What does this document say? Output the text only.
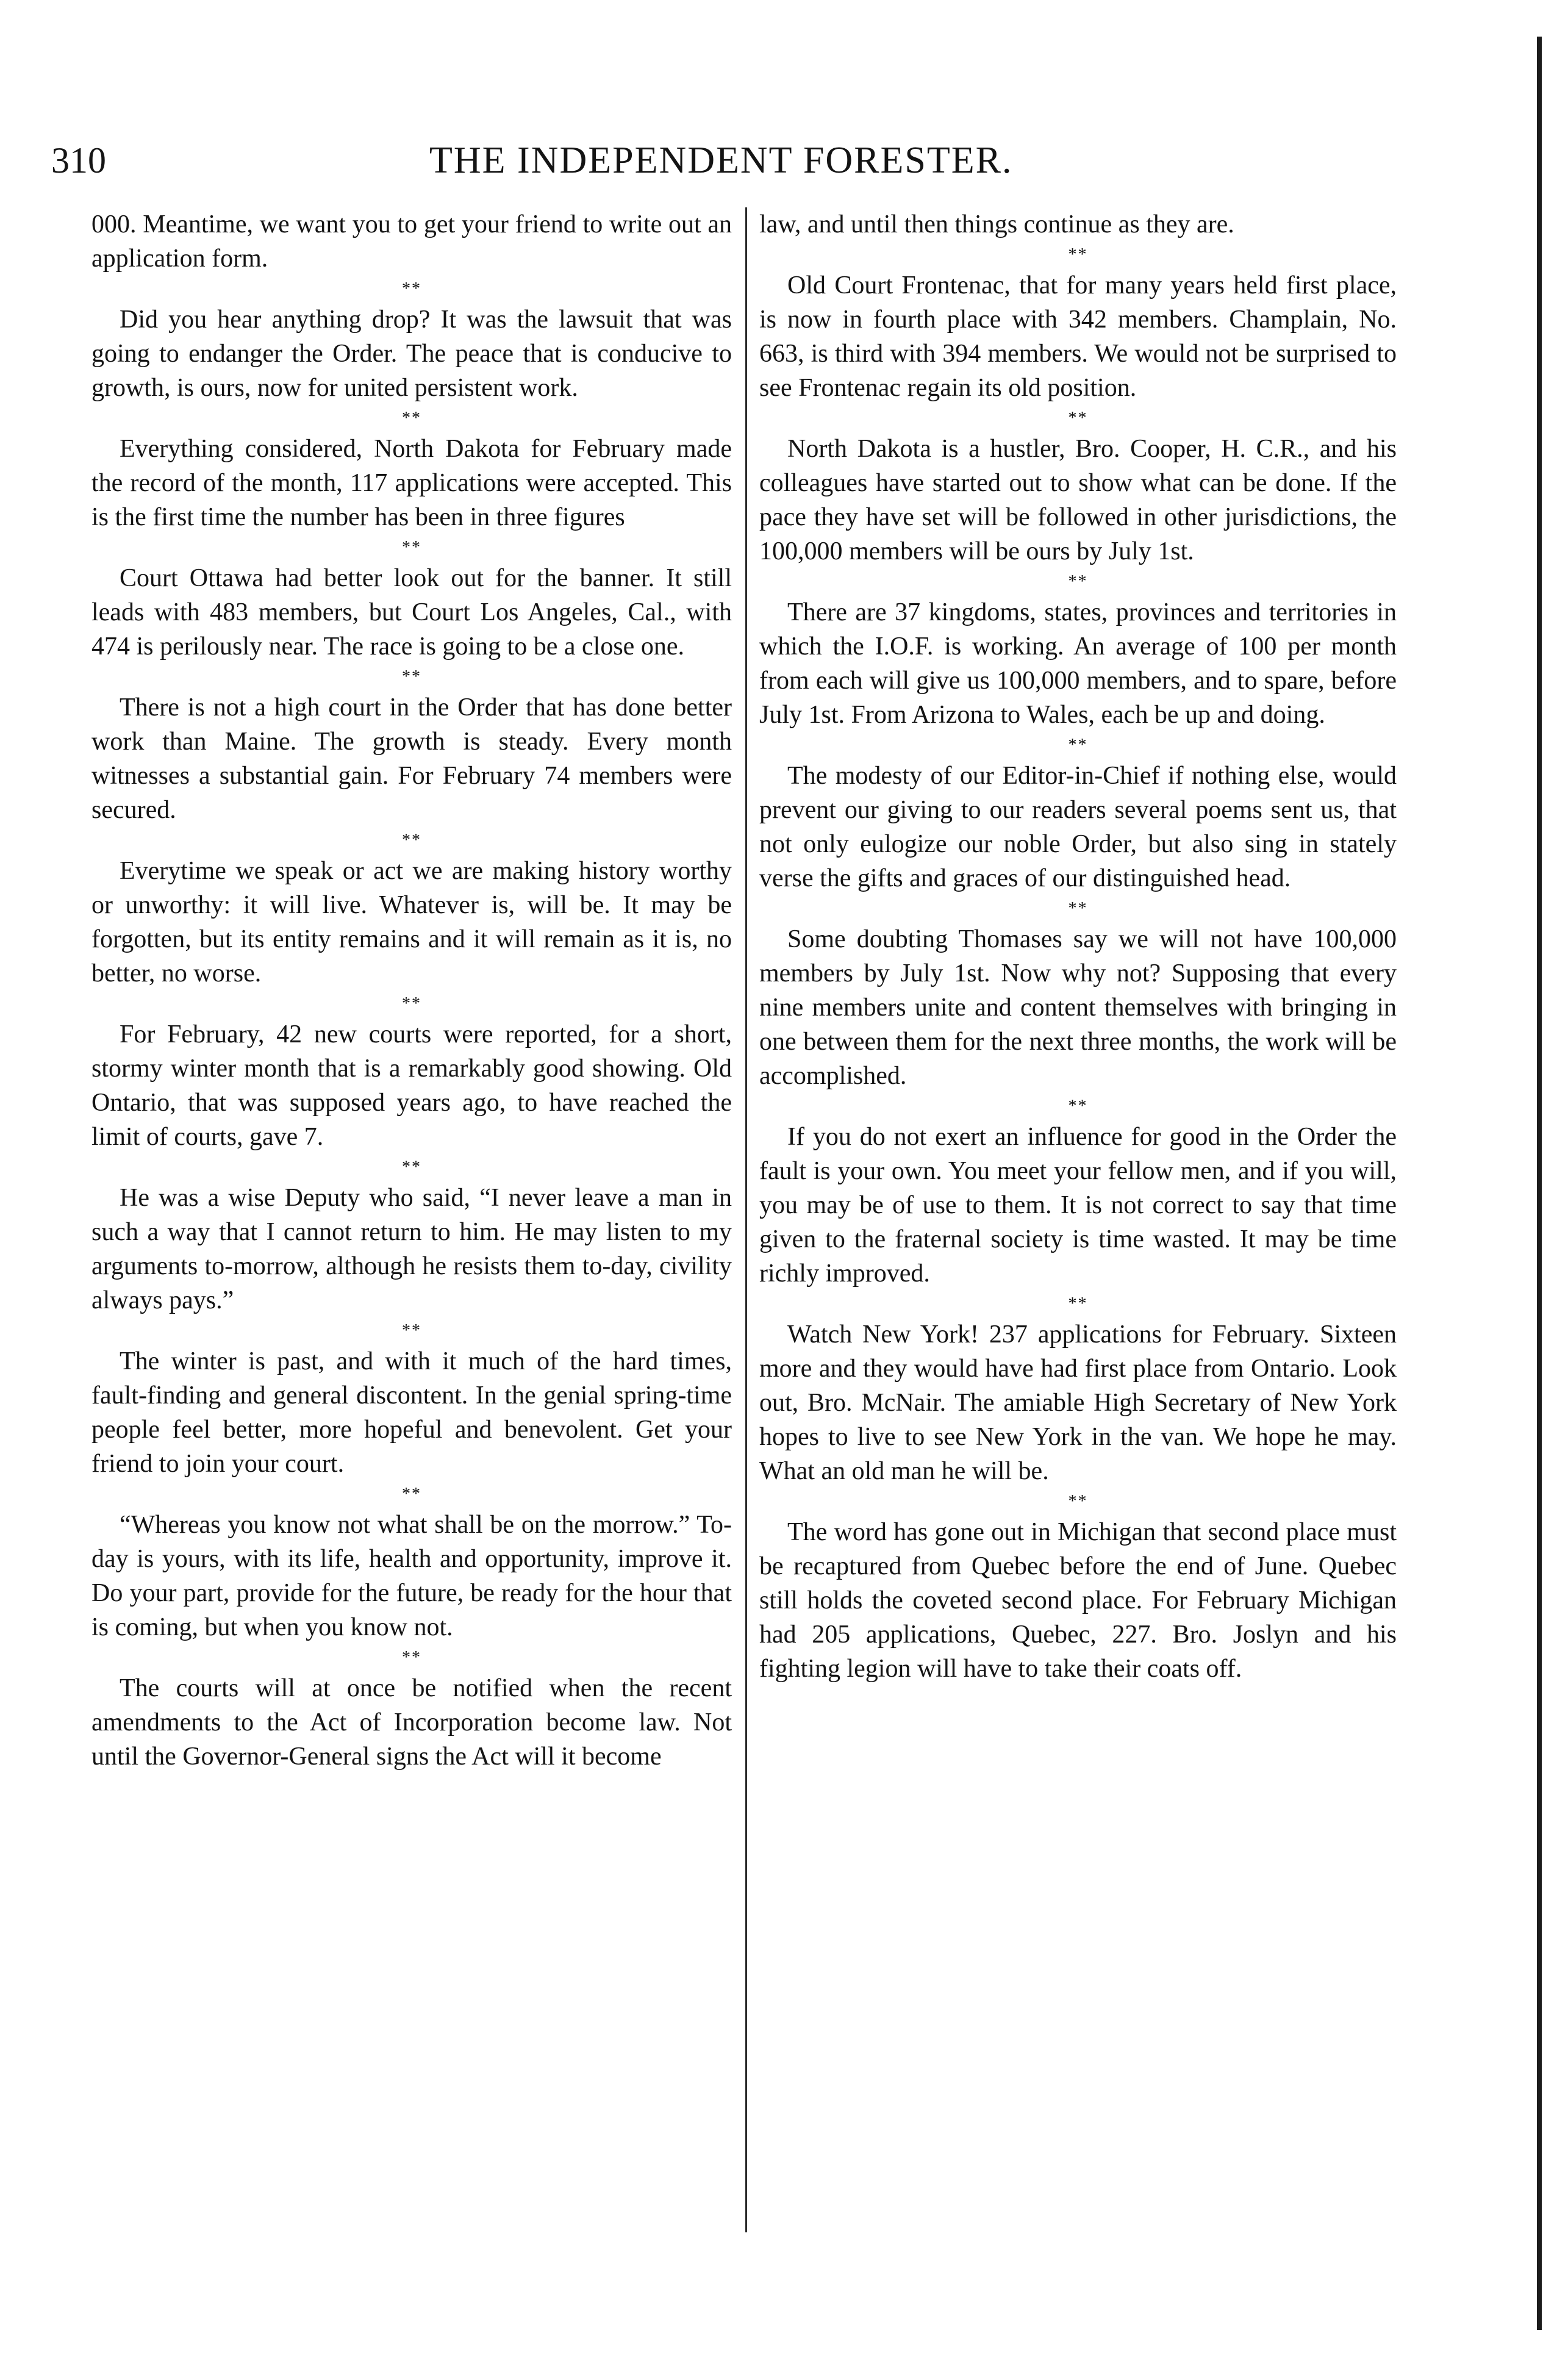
310	THE INDEPENDENT FORESTER.

000. Meantime, we want you to get your friend to write out an application form.

**

Did you hear anything drop? It was the lawsuit that was going to endanger the Order. The peace that is conducive to growth, is ours, now for united persistent work.

**

Everything considered, North Dakota for February made the record of the month, 117 applications were accepted. This is the first time the number has been in three figures

**

Court Ottawa had better look out for the banner. It still leads with 483 members, but Court Los Angeles, Cal., with 474 is perilously near. The race is going to be a close one.

**

There is not a high court in the Order that has done better work than Maine. The growth is steady. Every month witnesses a substantial gain. For February 74 members were secured.

**

Everytime we speak or act we are making history worthy or unworthy: it will live. Whatever is, will be. It may be forgotten, but its entity remains and it will remain as it is, no better, no worse.

**

For February, 42 new courts were reported, for a short, stormy winter month that is a remarkably good showing. Old Ontario, that was supposed years ago, to have reached the limit of courts, gave 7.

**

He was a wise Deputy who said, “I never leave a man in such a way that I cannot return to him. He may listen to my arguments to-morrow, although he resists them to-day, civility always pays.”

**

The winter is past, and with it much of the hard times, fault-finding and general discontent. In the genial spring-time people feel better, more hopeful and benevolent. Get your friend to join your court.

**

“Whereas you know not what shall be on the morrow.” To-day is yours, with its life, health and opportunity, improve it. Do your part, provide for the future, be ready for the hour that is coming, but when you know not.

**

The courts will at once be notified when the recent amendments to the Act of Incorporation become law. Not until the Governor-General signs the Act will it become

law, and until then things continue as they are.

**

Old Court Frontenac, that for many years held first place, is now in fourth place with 342 members. Champlain, No. 663, is third with 394 members. We would not be surprised to see Frontenac regain its old position.

**

North Dakota is a hustler, Bro. Cooper, H. C.R., and his colleagues have started out to show what can be done. If the pace they have set will be followed in other jurisdictions, the 100,000 members will be ours by July 1st.

**

There are 37 kingdoms, states, provinces and territories in which the I.O.F. is working. An average of 100 per month from each will give us 100,000 members, and to spare, before July 1st. From Arizona to Wales, each be up and doing.

**

The modesty of our Editor-in-Chief if nothing else, would prevent our giving to our readers several poems sent us, that not only eulogize our noble Order, but also sing in stately verse the gifts and graces of our distinguished head.

**

Some doubting Thomases say we will not have 100,000 members by July 1st. Now why not? Supposing that every nine members unite and content themselves with bringing in one between them for the next three months, the work will be accomplished.

**

If you do not exert an influence for good in the Order the fault is your own. You meet your fellow men, and if you will, you may be of use to them. It is not correct to say that time given to the fraternal society is time wasted. It may be time richly improved.

**

Watch New York! 237 applications for February. Sixteen more and they would have had first place from Ontario. Look out, Bro. McNair. The amiable High Secretary of New York hopes to live to see New York in the van. We hope he may. What an old man he will be.

**

The word has gone out in Michigan that second place must be recaptured from Quebec before the end of June. Quebec still holds the coveted second place. For February Michigan had 205 applications, Quebec, 227. Bro. Joslyn and his fighting legion will have to take their coats off.
